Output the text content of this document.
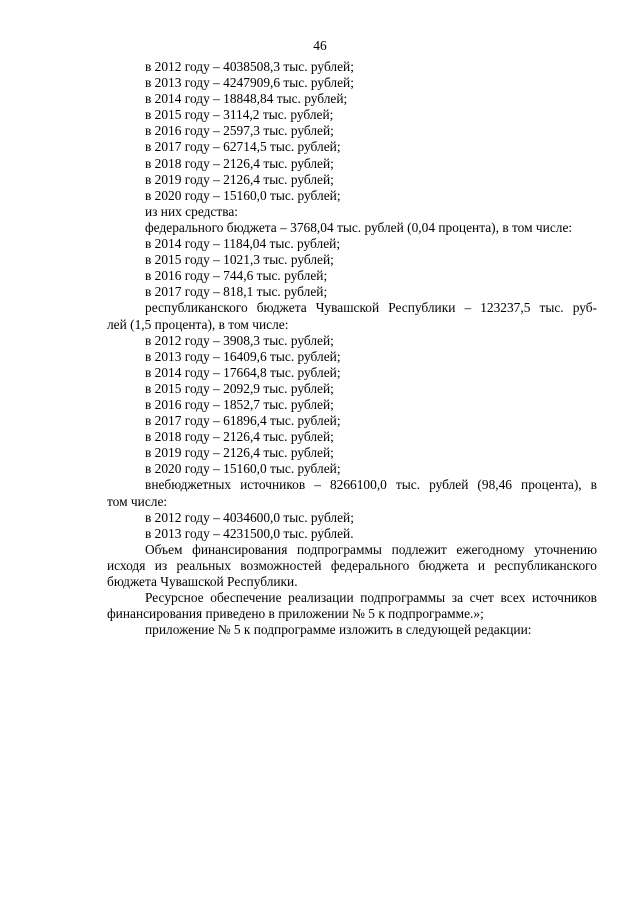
46
в 2012 году – 4038508,3 тыс. рублей;
в 2013 году – 4247909,6 тыс. рублей;
в 2014 году – 18848,84 тыс. рублей;
в 2015 году – 3114,2 тыс. рублей;
в 2016 году – 2597,3 тыс. рублей;
в 2017 году – 62714,5 тыс. рублей;
в 2018 году – 2126,4 тыс. рублей;
в 2019 году – 2126,4 тыс. рублей;
в 2020 году – 15160,0 тыс. рублей;
из них средства:
федерального бюджета – 3768,04 тыс. рублей (0,04 процента), в том числе:
в 2014 году – 1184,04 тыс. рублей;
в 2015 году – 1021,3 тыс. рублей;
в 2016 году – 744,6 тыс. рублей;
в 2017 году – 818,1 тыс. рублей;
республиканского бюджета Чувашской Республики – 123237,5 тыс. руб-
лей (1,5 процента), в том числе:
в 2012 году – 3908,3 тыс. рублей;
в 2013 году – 16409,6 тыс. рублей;
в 2014 году – 17664,8 тыс. рублей;
в 2015 году – 2092,9 тыс. рублей;
в 2016 году – 1852,7 тыс. рублей;
в 2017 году – 61896,4 тыс. рублей;
в 2018 году – 2126,4 тыс. рублей;
в 2019 году – 2126,4 тыс. рублей;
в 2020 году – 15160,0 тыс. рублей;
внебюджетных источников – 8266100,0 тыс. рублей (98,46 процента), в
том числе:
в 2012 году – 4034600,0 тыс. рублей;
в 2013 году – 4231500,0 тыс. рублей.
Объем финансирования подпрограммы подлежит ежегодному уточнению
исходя из реальных возможностей федерального бюджета и республиканского
бюджета Чувашской Республики.
Ресурсное обеспечение реализации подпрограммы за счет всех источников
финансирования приведено в приложении № 5 к подпрограмме.»;
приложение № 5 к подпрограмме изложить в следующей редакции:
